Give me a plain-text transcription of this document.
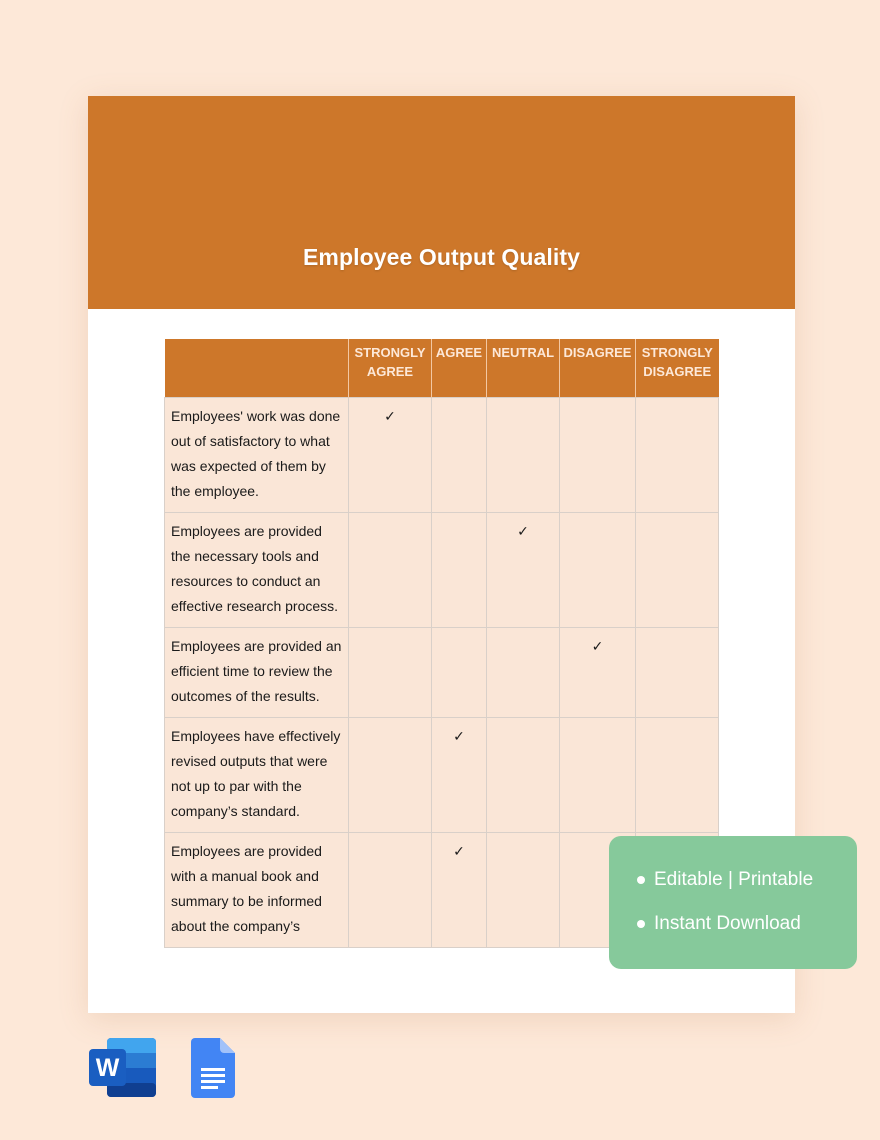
Employee Output Quality
	STRONGLY AGREE	AGREE	NEUTRAL	DISAGREE	STRONGLY DISAGREE
Employees' work was done out of satisfactory to what was expected of them by the employee.	✓				
Employees are provided the necessary tools and resources to conduct an effective research process.			✓		
Employees are provided an efficient time to review the outcomes of the results.				✓	
Employees have effectively revised outputs that were not up to par with the company’s standard.		✓			
Employees are provided with a manual book and summary to be informed about the company’s		✓			
Editable | Printable
Instant Download
W
